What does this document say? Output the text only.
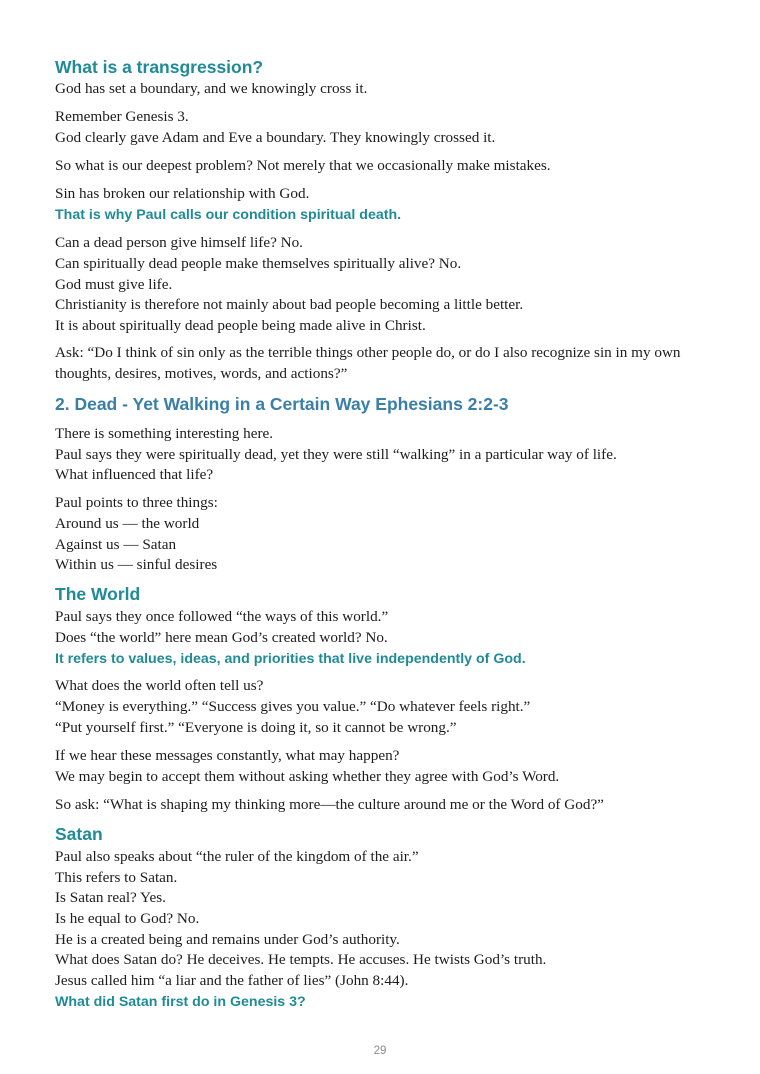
What is a transgression?
God has set a boundary, and we knowingly cross it.
Remember Genesis 3.
God clearly gave Adam and Eve a boundary. They knowingly crossed it.
So what is our deepest problem? Not merely that we occasionally make mistakes.
Sin has broken our relationship with God.
That is why Paul calls our condition spiritual death.
Can a dead person give himself life? No.
Can spiritually dead people make themselves spiritually alive? No.
God must give life.
Christianity is therefore not mainly about bad people becoming a little better.
It is about spiritually dead people being made alive in Christ.
Ask: “Do I think of sin only as the terrible things other people do, or do I also recognize sin in my own thoughts, desires, motives, words, and actions?”
2. Dead - Yet Walking in a Certain Way Ephesians 2:2-3
There is something interesting here.
Paul says they were spiritually dead, yet they were still “walking” in a particular way of life.
What influenced that life?
Paul points to three things:
Around us — the world
Against us — Satan
Within us — sinful desires
The World
Paul says they once followed “the ways of this world.”
Does “the world” here mean God’s created world? No.
It refers to values, ideas, and priorities that live independently of God.
What does the world often tell us?
“Money is everything.” “Success gives you value.” “Do whatever feels right.”
“Put yourself first.” “Everyone is doing it, so it cannot be wrong.”
If we hear these messages constantly, what may happen?
We may begin to accept them without asking whether they agree with God’s Word.
So ask: “What is shaping my thinking more—the culture around me or the Word of God?”
Satan
Paul also speaks about “the ruler of the kingdom of the air.”
This refers to Satan.
Is Satan real? Yes.
Is he equal to God? No.
He is a created being and remains under God’s authority.
What does Satan do? He deceives. He tempts. He accuses. He twists God’s truth.
Jesus called him “a liar and the father of lies” (John 8:44).
What did Satan first do in Genesis 3?
29
